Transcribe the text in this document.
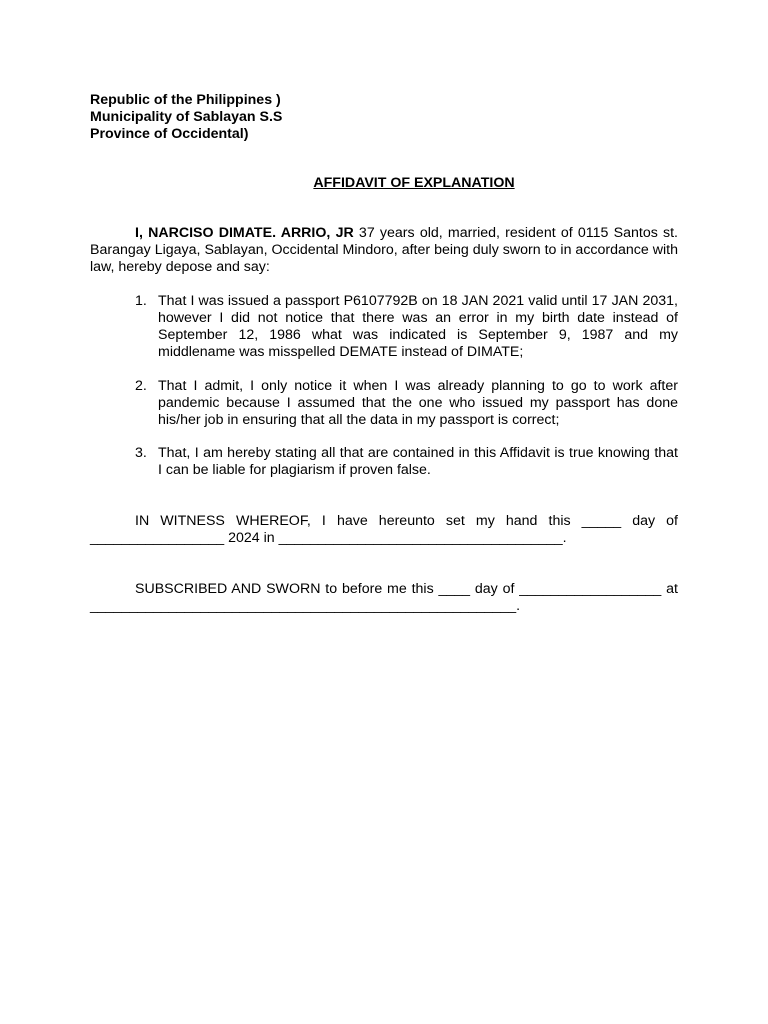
Republic of the Philippines )
Municipality of Sablayan S.S
Province of Occidental)
AFFIDAVIT OF EXPLANATION
I, NARCISO DIMATE. ARRIO, JR 37 years old, married, resident of 0115 Santos st. Barangay Ligaya, Sablayan, Occidental Mindoro, after being duly sworn to in accordance with law, hereby depose and say:
1. That I was issued a passport P6107792B on 18 JAN 2021 valid until 17 JAN 2031, however I did not notice that there was an error in my birth date instead of September 12, 1986 what was indicated is September 9, 1987 and my middlename was misspelled DEMATE instead of DIMATE;
2. That I admit, I only notice it when I was already planning to go to work after pandemic because I assumed that the one who issued my passport has done his/her job in ensuring that all the data in my passport is correct;
3. That, I am hereby stating all that are contained in this Affidavit is true knowing that I can be liable for plagiarism if proven false.
IN WITNESS WHEREOF, I have hereunto set my hand this _____ day of _________________ 2024 in ____________________________________.
SUBSCRIBED AND SWORN to before me this ____ day of __________________ at ______________________________________________________.
